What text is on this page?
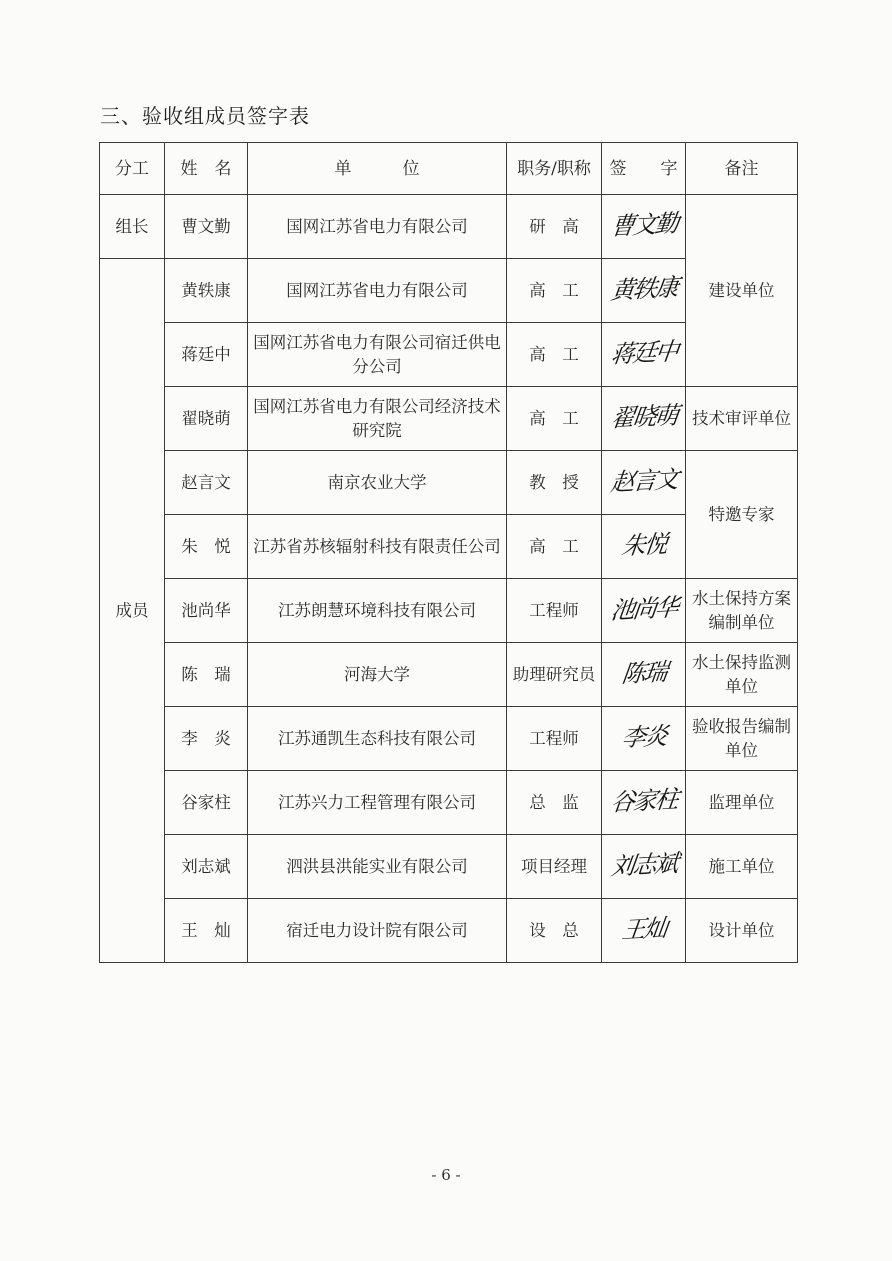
三、验收组成员签字表
分工	姓　名	单　　　位	职务/职称	签　　字	备注
组长	曹文勤	国网江苏省电力有限公司	研　高	曹文勤	建设单位
成员	黄轶康	国网江苏省电力有限公司	高　工	黄轶康	
	蒋廷中	国网江苏省电力有限公司宿迁供电分公司	高　工	蒋廷中	
	翟晓萌	国网江苏省电力有限公司经济技术研究院	高　工	翟晓萌	技术审评单位
	赵言文	南京农业大学	教　授	赵言文	特邀专家
	朱　悦	江苏省苏核辐射科技有限责任公司	高　工	朱悦	
	池尚华	江苏朗慧环境科技有限公司	工程师	池尚华	水土保持方案编制单位
	陈　瑞	河海大学	助理研究员	陈瑞	水土保持监测单位
	李　炎	江苏通凯生态科技有限公司	工程师	李炎	验收报告编制单位
	谷家柱	江苏兴力工程管理有限公司	总　监	谷家柱	监理单位
	刘志斌	泗洪县洪能实业有限公司	项目经理	刘志斌	施工单位
	王　灿	宿迁电力设计院有限公司	设　总	王灿	设计单位
- 6 -
